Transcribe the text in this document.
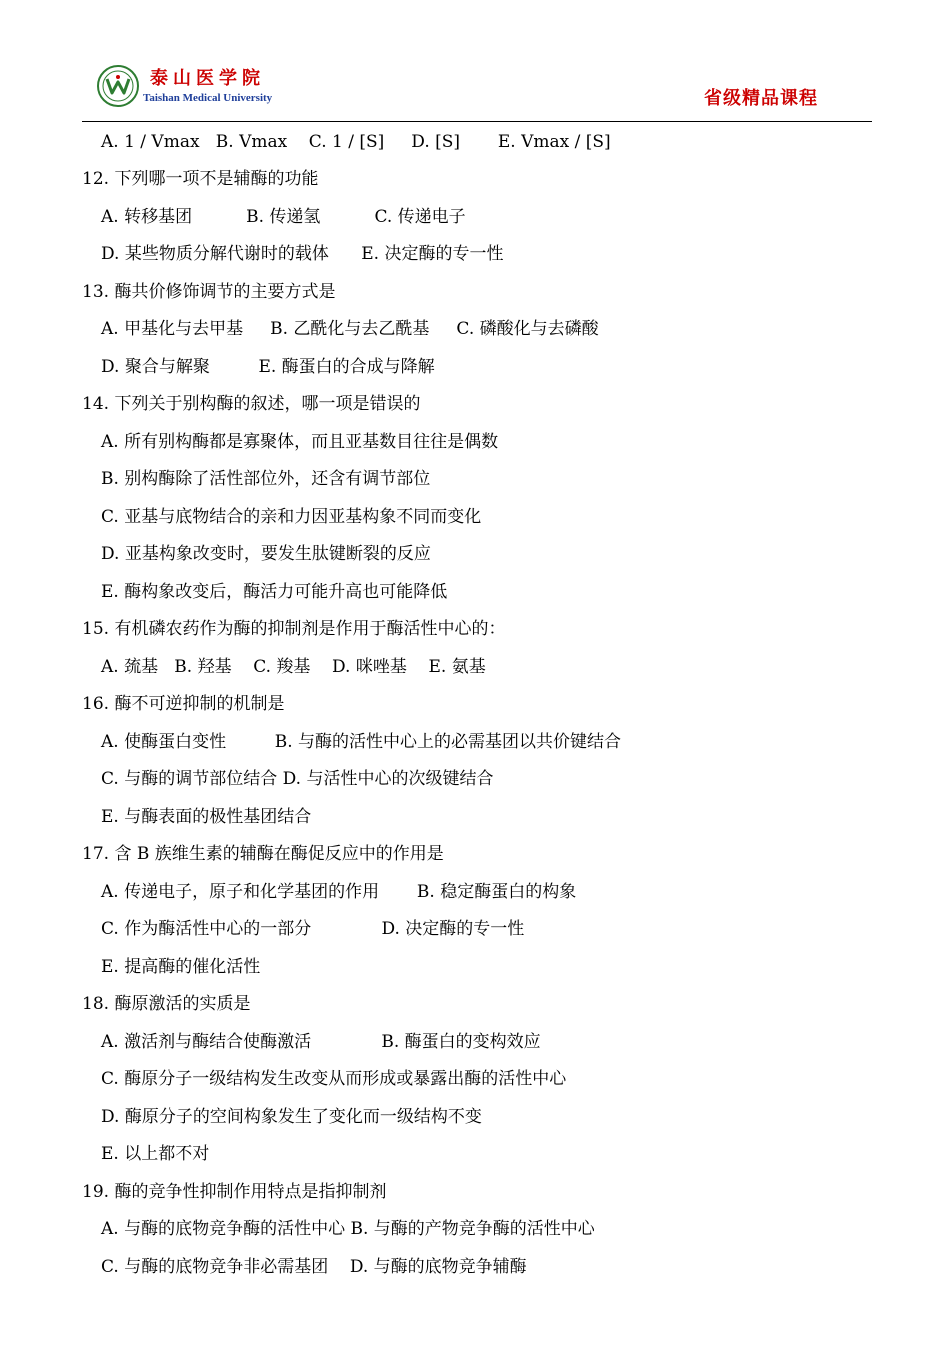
泰山医学院
Taishan Medical University	省级精品课程
A. 1 / Vmax   B. Vmax    C. 1 / [S]     D. [S]       E. Vmax / [S]
12. 下列哪一项不是辅酶的功能
A. 转移基团          B. 传递氢          C. 传递电子
D. 某些物质分解代谢时的载体      E. 决定酶的专一性
13. 酶共价修饰调节的主要方式是
A. 甲基化与去甲基     B. 乙酰化与去乙酰基     C. 磷酸化与去磷酸
D. 聚合与解聚         E. 酶蛋白的合成与降解
14. 下列关于别构酶的叙述，哪一项是错误的
A. 所有别构酶都是寡聚体，而且亚基数目往往是偶数
B. 别构酶除了活性部位外，还含有调节部位
C. 亚基与底物结合的亲和力因亚基构象不同而变化
D. 亚基构象改变时，要发生肽键断裂的反应
E. 酶构象改变后，酶活力可能升高也可能降低
15. 有机磷农药作为酶的抑制剂是作用于酶活性中心的：
A. 巯基   B. 羟基    C. 羧基    D. 咪唑基    E. 氨基
16. 酶不可逆抑制的机制是
A. 使酶蛋白变性         B. 与酶的活性中心上的必需基团以共价键结合
C. 与酶的调节部位结合 D. 与活性中心的次级键结合
E. 与酶表面的极性基团结合
17. 含 B 族维生素的辅酶在酶促反应中的作用是
A. 传递电子，原子和化学基团的作用       B. 稳定酶蛋白的构象
C. 作为酶活性中心的一部分             D. 决定酶的专一性
E. 提高酶的催化活性
18. 酶原激活的实质是
A. 激活剂与酶结合使酶激活             B. 酶蛋白的变构效应
C. 酶原分子一级结构发生改变从而形成或暴露出酶的活性中心
D. 酶原分子的空间构象发生了变化而一级结构不变
E. 以上都不对
19. 酶的竞争性抑制作用特点是指抑制剂
A. 与酶的底物竞争酶的活性中心 B. 与酶的产物竞争酶的活性中心
C. 与酶的底物竞争非必需基团    D. 与酶的底物竞争辅酶
